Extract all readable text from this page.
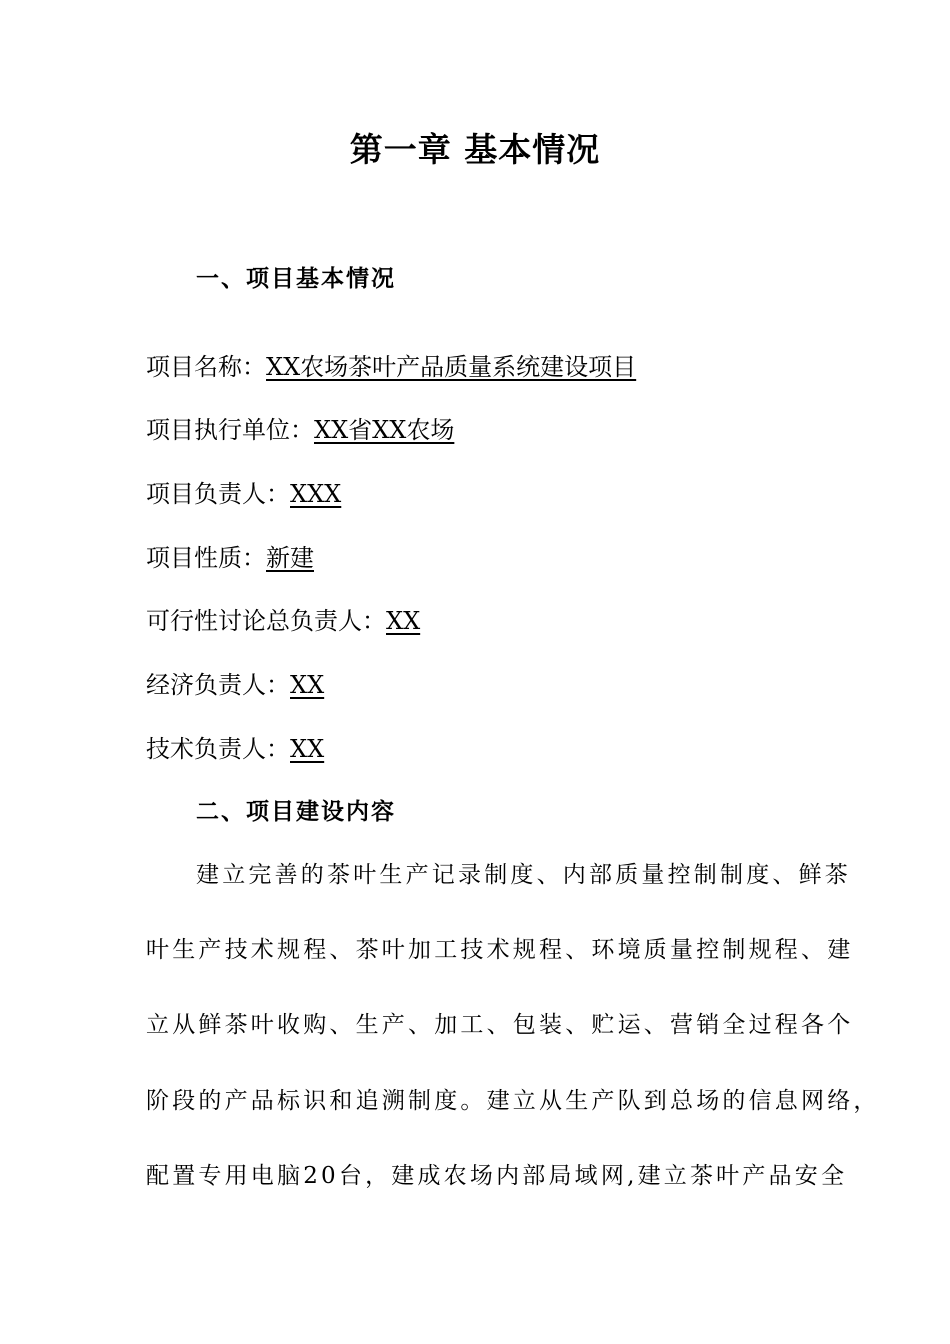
第一章 基本情况
一、项目基本情况
项目名称：XX农场茶叶产品质量系统建设项目
项目执行单位：XX省XX农场
项目负责人：XXX
项目性质：新建
可行性讨论总负责人：XX
经济负责人：XX
技术负责人：XX
二、项目建设内容
建立完善的茶叶生产记录制度、内部质量控制制度、鲜茶
叶生产技术规程、茶叶加工技术规程、环境质量控制规程、建
立从鲜茶叶收购、生产、加工、包装、贮运、营销全过程各个
阶段的产品标识和追溯制度。建立从生产队到总场的信息网络，
配置专用电脑20台，建成农场内部局域网,建立茶叶产品安全
